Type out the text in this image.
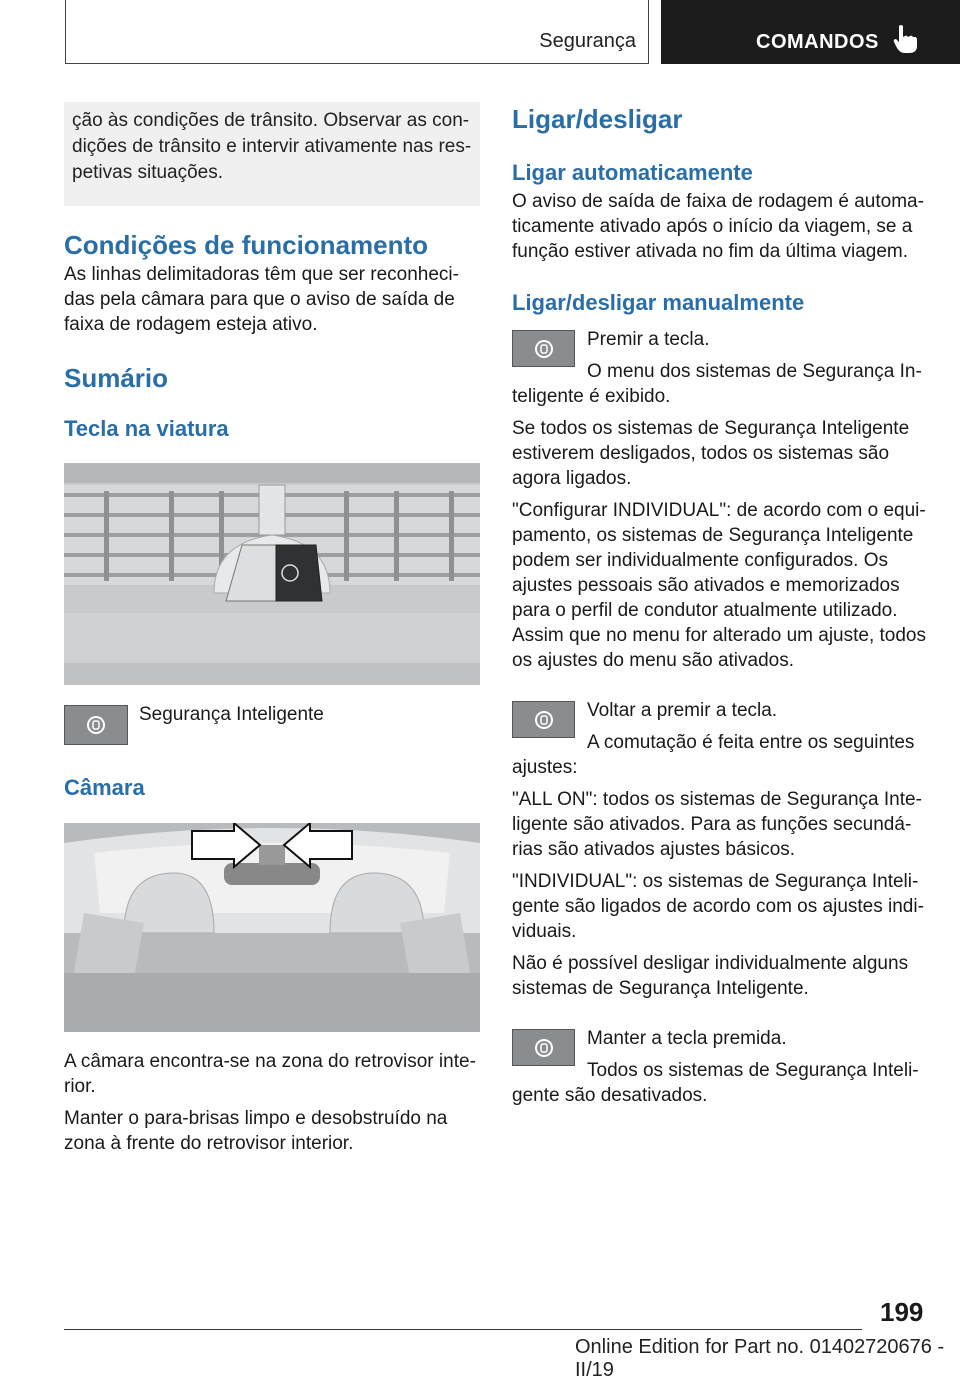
Segurança	COMANDOS
ção às condições de trânsito. Observar as condições de trânsito e intervir ativamente nas respetivas situações.
Condições de funcionamento

As linhas delimitadoras têm que ser reconhecidas pela câmara para que o aviso de saída de faixa de rodagem esteja ativo.

Sumário
Tecla na viatura

Segurança Inteligente

Câmara

A câmara encontra-se na zona do retrovisor interior.

Manter o para-brisas limpo e desobstruído na zona à frente do retrovisor interior.

Ligar/desligar
Ligar automaticamente

O aviso de saída de faixa de rodagem é automaticamente ativado após o início da viagem, se a função estiver ativada no fim da última viagem.

Ligar/desligar manualmente

Premir a tecla.

O menu dos sistemas de Segurança Inteligente é exibido.

Se todos os sistemas de Segurança Inteligente estiverem desligados, todos os sistemas são agora ligados.

"Configurar INDIVIDUAL": de acordo com o equipamento, os sistemas de Segurança Inteligente podem ser individualmente configurados. Os ajustes pessoais são ativados e memorizados para o perfil de condutor atualmente utilizado. Assim que no menu for alterado um ajuste, todos os ajustes do menu são ativados.

Voltar a premir a tecla.

A comutação é feita entre os seguintes ajustes:

"ALL ON": todos os sistemas de Segurança Inteligente são ativados. Para as funções secundárias são ativados ajustes básicos.

"INDIVIDUAL": os sistemas de Segurança Inteligente são ligados de acordo com os ajustes individuais.

Não é possível desligar individualmente alguns sistemas de Segurança Inteligente.

Manter a tecla premida.

Todos os sistemas de Segurança Inteligente são desativados.

199
Online Edition for Part no. 01402720676 - II/19
